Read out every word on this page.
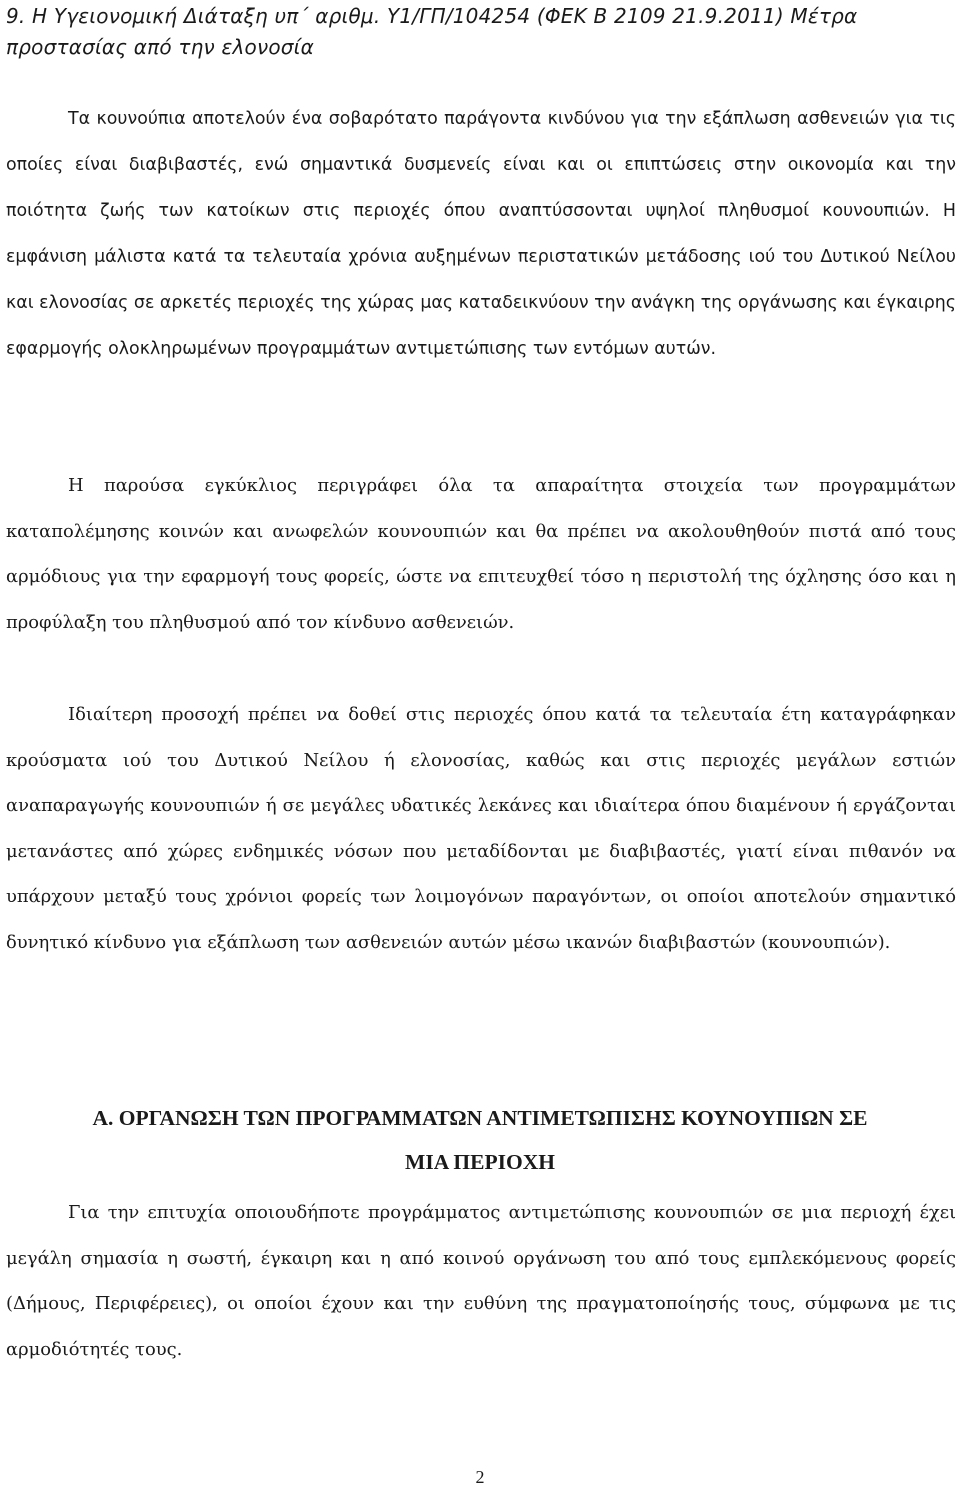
9. Η Υγειονομική Διάταξη υπ΄ αριθμ. Υ1/ΓΠ/104254 (ΦΕΚ Β 2109 21.9.2011) Μέτρα
προστασίας από την ελονοσία

Τα κουνούπια αποτελούν ένα σοβαρότατο παράγοντα κινδύνου για την εξάπλωση ασθενειών για τις οποίες είναι διαβιβαστές, ενώ σημαντικά δυσμενείς είναι και οι επιπτώσεις στην οικονομία και την ποιότητα ζωής των κατοίκων στις περιοχές όπου αναπτύσσονται υψηλοί πληθυσμοί κουνουπιών. Η εμφάνιση μάλιστα κατά τα τελευταία χρόνια αυξημένων περιστατικών μετάδοσης ιού του Δυτικού Νείλου και ελονοσίας σε αρκετές περιοχές της χώρας μας καταδεικνύουν την ανάγκη της οργάνωσης και έγκαιρης εφαρμογής ολοκληρωμένων προγραμμάτων αντιμετώπισης των εντόμων αυτών.

Η παρούσα εγκύκλιος περιγράφει όλα τα απαραίτητα στοιχεία των προγραμμάτων καταπολέμησης κοινών και ανωφελών κουνουπιών και θα πρέπει να ακολουθηθούν πιστά από τους αρμόδιους για την εφαρμογή τους φορείς, ώστε να επιτευχθεί τόσο η περιστολή της όχλησης όσο και η προφύλαξη του πληθυσμού από τον κίνδυνο ασθενειών.

Ιδιαίτερη προσοχή πρέπει να δοθεί στις περιοχές όπου κατά τα τελευταία έτη καταγράφηκαν κρούσματα ιού του Δυτικού Νείλου ή ελονοσίας, καθώς και στις περιοχές μεγάλων εστιών αναπαραγωγής κουνουπιών ή σε μεγάλες υδατικές λεκάνες και ιδιαίτερα όπου διαμένουν ή εργάζονται μετανάστες από χώρες ενδημικές νόσων που μεταδίδονται με διαβιβαστές, γιατί είναι πιθανόν να υπάρχουν μεταξύ τους χρόνιοι φορείς των λοιμογόνων παραγόντων, οι οποίοι αποτελούν σημαντικό δυνητικό κίνδυνο για εξάπλωση των ασθενειών αυτών μέσω ικανών διαβιβαστών (κουνουπιών).

Α. ΟΡΓΑΝΩΣΗ ΤΩΝ ΠΡΟΓΡΑΜΜΑΤΩΝ ΑΝΤΙΜΕΤΩΠΙΣΗΣ ΚΟΥΝΟΥΠΙΩΝ ΣΕ
ΜΙΑ ΠΕΡΙΟΧΗ

Για την επιτυχία οποιουδήποτε προγράμματος αντιμετώπισης κουνουπιών σε μια περιοχή έχει μεγάλη σημασία η σωστή, έγκαιρη και η από κοινού οργάνωση του από τους εμπλεκόμενους φορείς (Δήμους, Περιφέρειες), οι οποίοι έχουν και την ευθύνη της πραγματοποίησής τους, σύμφωνα με τις αρμοδιότητές τους.

2
